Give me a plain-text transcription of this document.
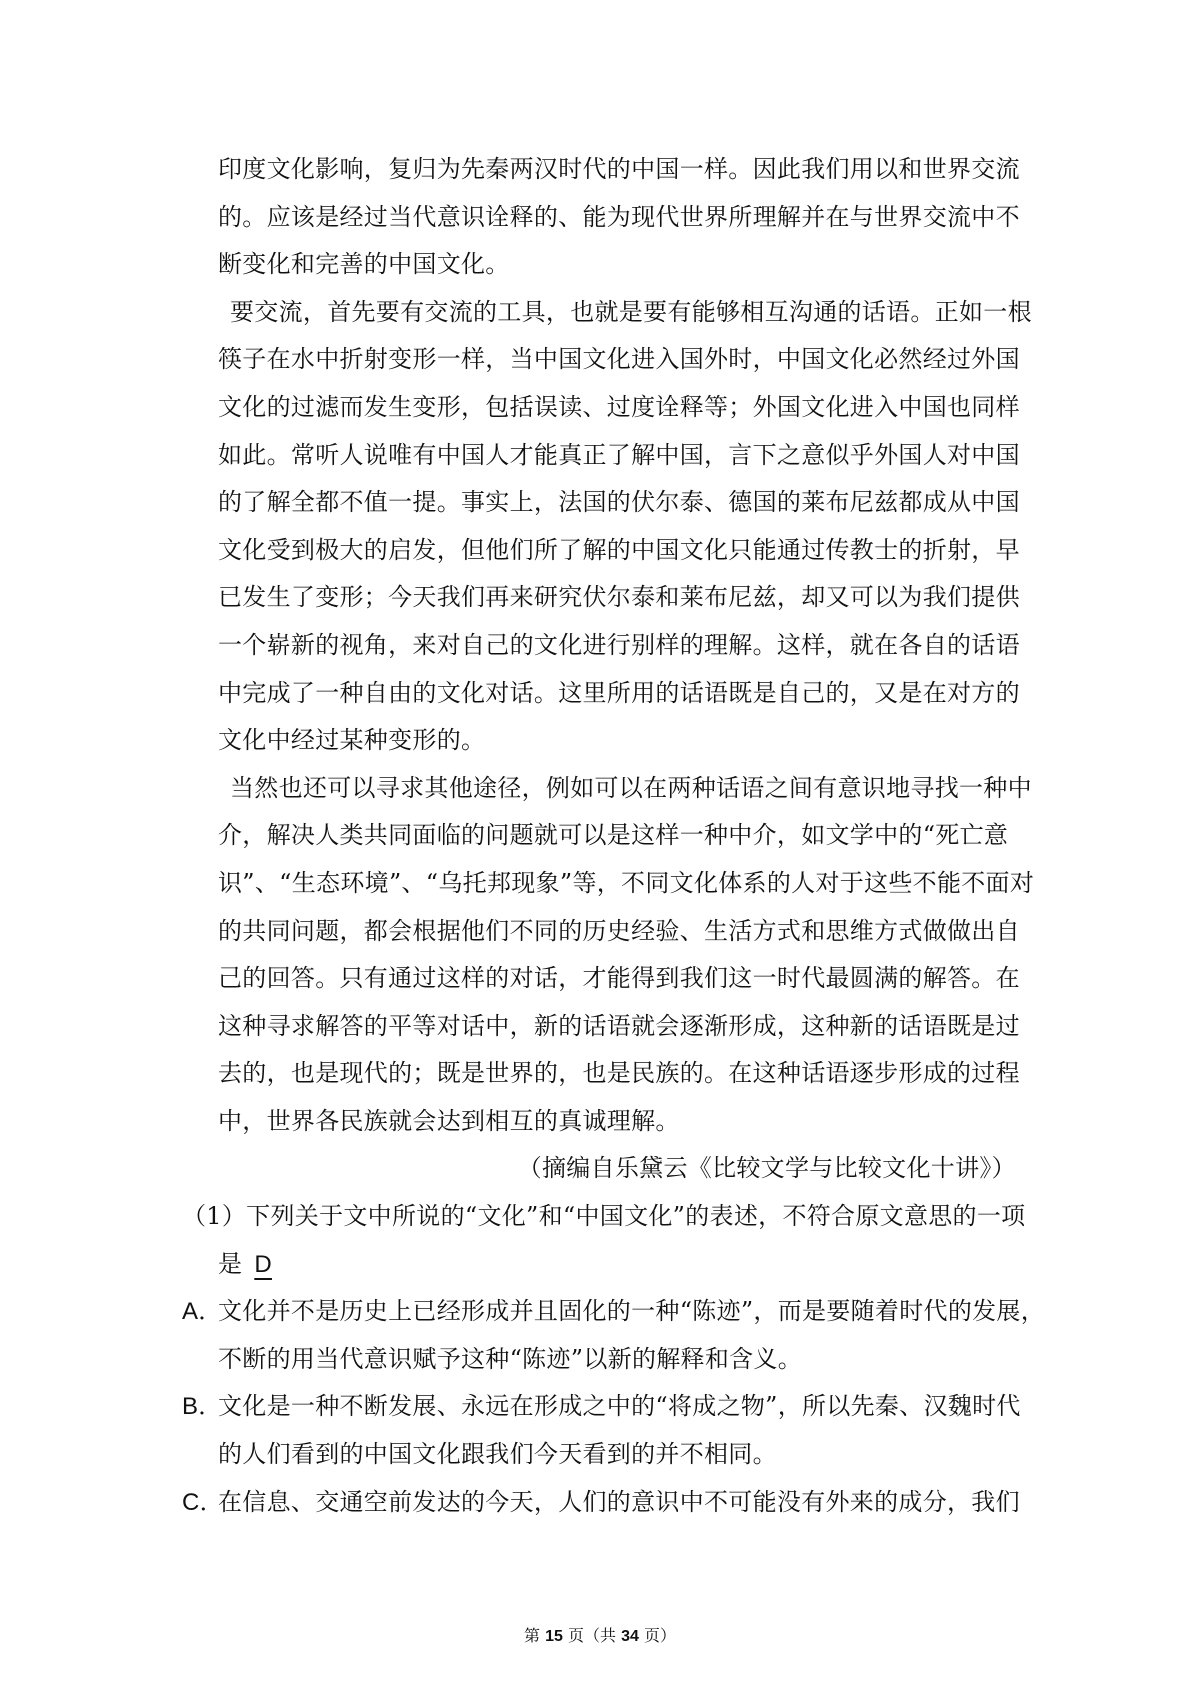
印度文化影响，复归为先秦两汉时代的中国一样。因此我们用以和世界交流
的。应该是经过当代意识诠释的、能为现代世界所理解并在与世界交流中不
断变化和完善的中国文化。
要交流，首先要有交流的工具，也就是要有能够相互沟通的话语。正如一根
筷子在水中折射变形一样，当中国文化进入国外时，中国文化必然经过外国
文化的过滤而发生变形，包括误读、过度诠释等；外国文化进入中国也同样
如此。常听人说唯有中国人才能真正了解中国，言下之意似乎外国人对中国
的了解全都不值一提。事实上，法国的伏尔泰、德国的莱布尼兹都成从中国
文化受到极大的启发，但他们所了解的中国文化只能通过传教士的折射，早
已发生了变形；今天我们再来研究伏尔泰和莱布尼兹，却又可以为我们提供
一个崭新的视角，来对自己的文化进行别样的理解。这样，就在各自的话语
中完成了一种自由的文化对话。这里所用的话语既是自己的，又是在对方的
文化中经过某种变形的。
当然也还可以寻求其他途径，例如可以在两种话语之间有意识地寻找一种中
介，解决人类共同面临的问题就可以是这样一种中介，如文学中的“死亡意
识”、“生态环境”、“乌托邦现象”等，不同文化体系的人对于这些不能不面对
的共同问题，都会根据他们不同的历史经验、生活方式和思维方式做做出自
己的回答。只有通过这样的对话，才能得到我们这一时代最圆满的解答。在
这种寻求解答的平等对话中，新的话语就会逐渐形成，这种新的话语既是过
去的，也是现代的；既是世界的，也是民族的。在这种话语逐步形成的过程
中，世界各民族就会达到相互的真诚理解。
（摘编自乐黛云《比较文学与比较文化十讲》）
（1）下列关于文中所说的“文化”和“中国文化”的表述，不符合原文意思的一项
是 D
A．
文化并不是历史上已经形成并且固化的一种“陈迹”，而是要随着时代的发展，
不断的用当代意识赋予这种“陈迹”以新的解释和含义。
B．
文化是一种不断发展、永远在形成之中的“将成之物”，所以先秦、汉魏时代
的人们看到的中国文化跟我们今天看到的并不相同。
C．
在信息、交通空前发达的今天，人们的意识中不可能没有外来的成分，我们
第 15 页（共 34 页）
